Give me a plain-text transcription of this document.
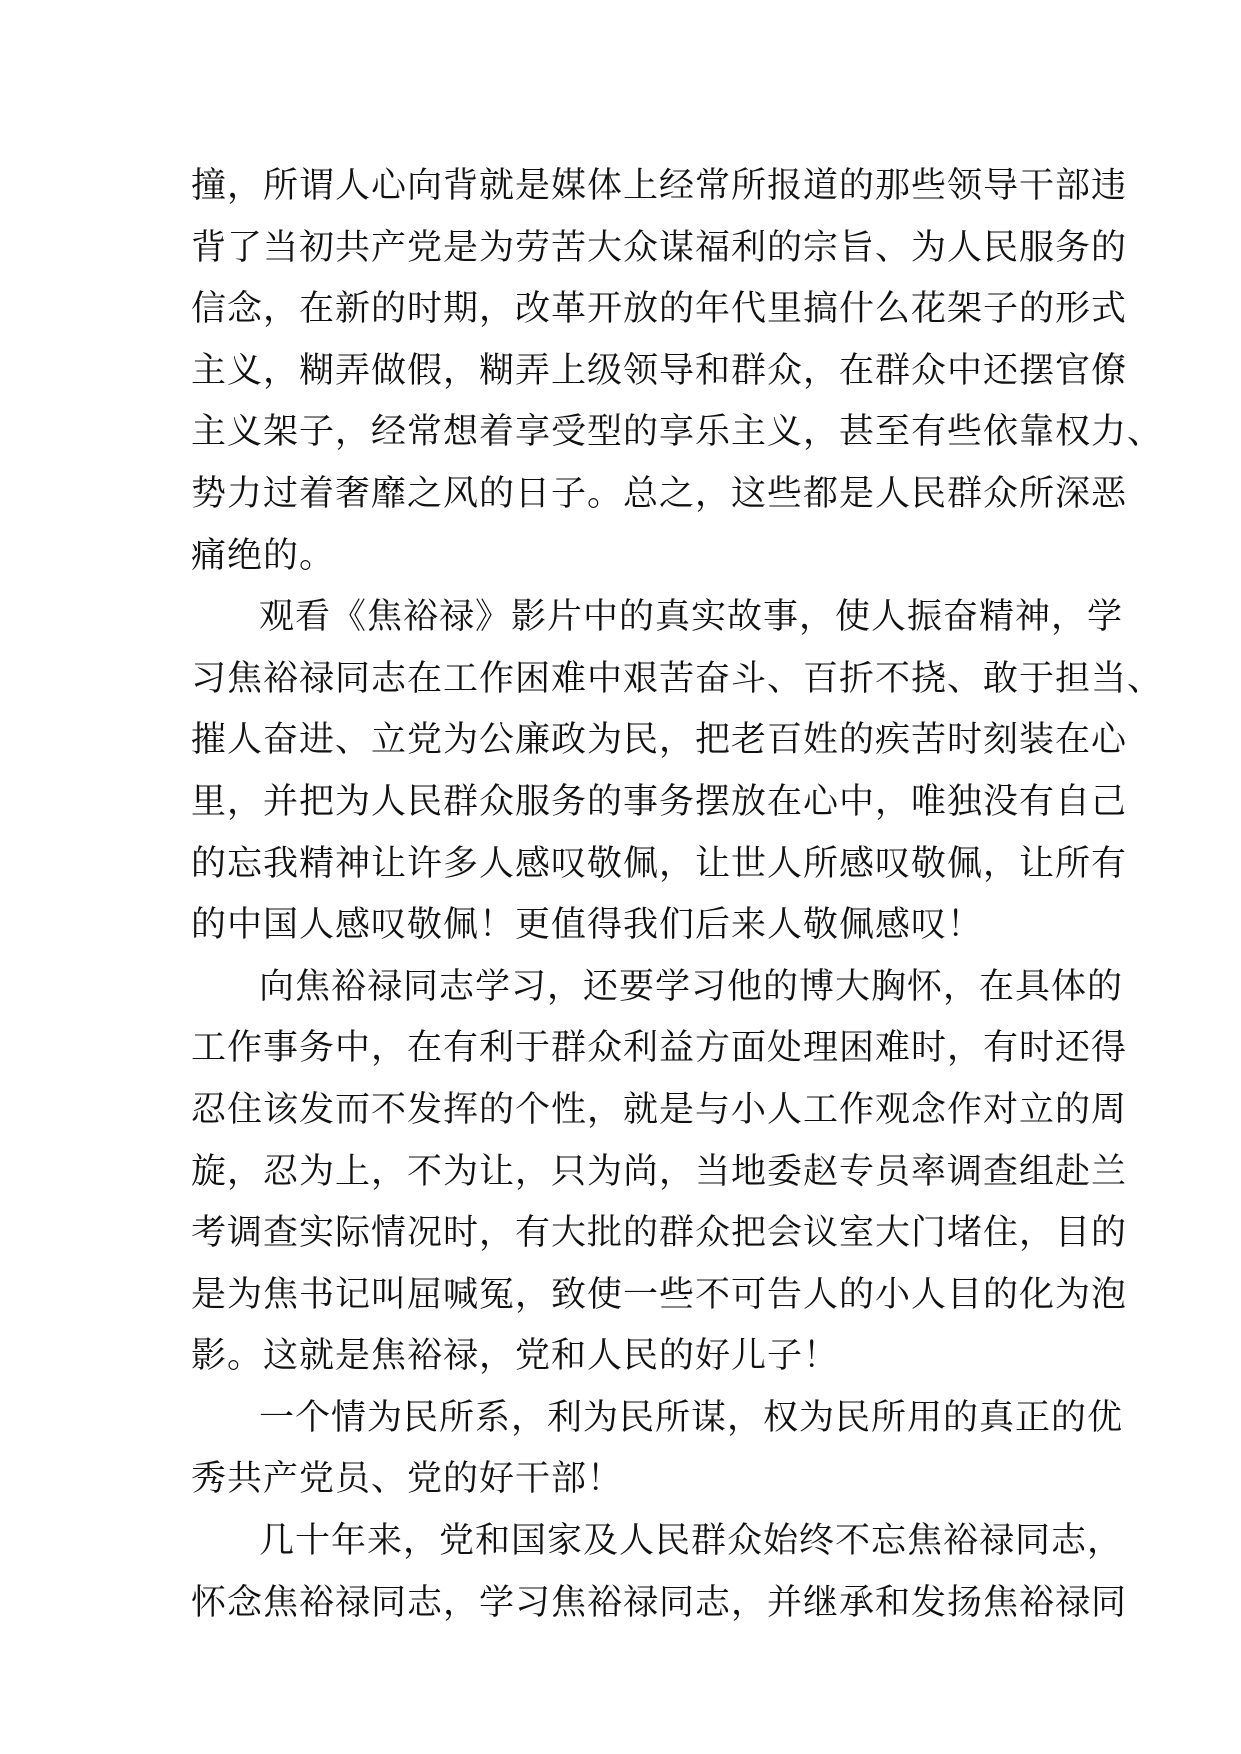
撞，所谓人心向背就是媒体上经常所报道的那些领导干部违
背了当初共产党是为劳苦大众谋福利的宗旨、为人民服务的
信念，在新的时期，改革开放的年代里搞什么花架子的形式
主义，糊弄做假，糊弄上级领导和群众，在群众中还摆官僚
主义架子，经常想着享受型的享乐主义，甚至有些依靠权力、
势力过着奢靡之风的日子。总之，这些都是人民群众所深恶
痛绝的。
观看《焦裕禄》影片中的真实故事，使人振奋精神，学
习焦裕禄同志在工作困难中艰苦奋斗、百折不挠、敢于担当、
摧人奋进、立党为公廉政为民，把老百姓的疾苦时刻装在心
里，并把为人民群众服务的事务摆放在心中，唯独没有自己
的忘我精神让许多人感叹敬佩，让世人所感叹敬佩，让所有
的中国人感叹敬佩！更值得我们后来人敬佩感叹！
向焦裕禄同志学习，还要学习他的博大胸怀，在具体的
工作事务中，在有利于群众利益方面处理困难时，有时还得
忍住该发而不发挥的个性，就是与小人工作观念作对立的周
旋，忍为上，不为让，只为尚，当地委赵专员率调查组赴兰
考调查实际情况时，有大批的群众把会议室大门堵住，目的
是为焦书记叫屈喊冤，致使一些不可告人的小人目的化为泡
影。这就是焦裕禄，党和人民的好儿子！
一个情为民所系，利为民所谋，权为民所用的真正的优
秀共产党员、党的好干部！
几十年来，党和国家及人民群众始终不忘焦裕禄同志，
怀念焦裕禄同志，学习焦裕禄同志，并继承和发扬焦裕禄同
